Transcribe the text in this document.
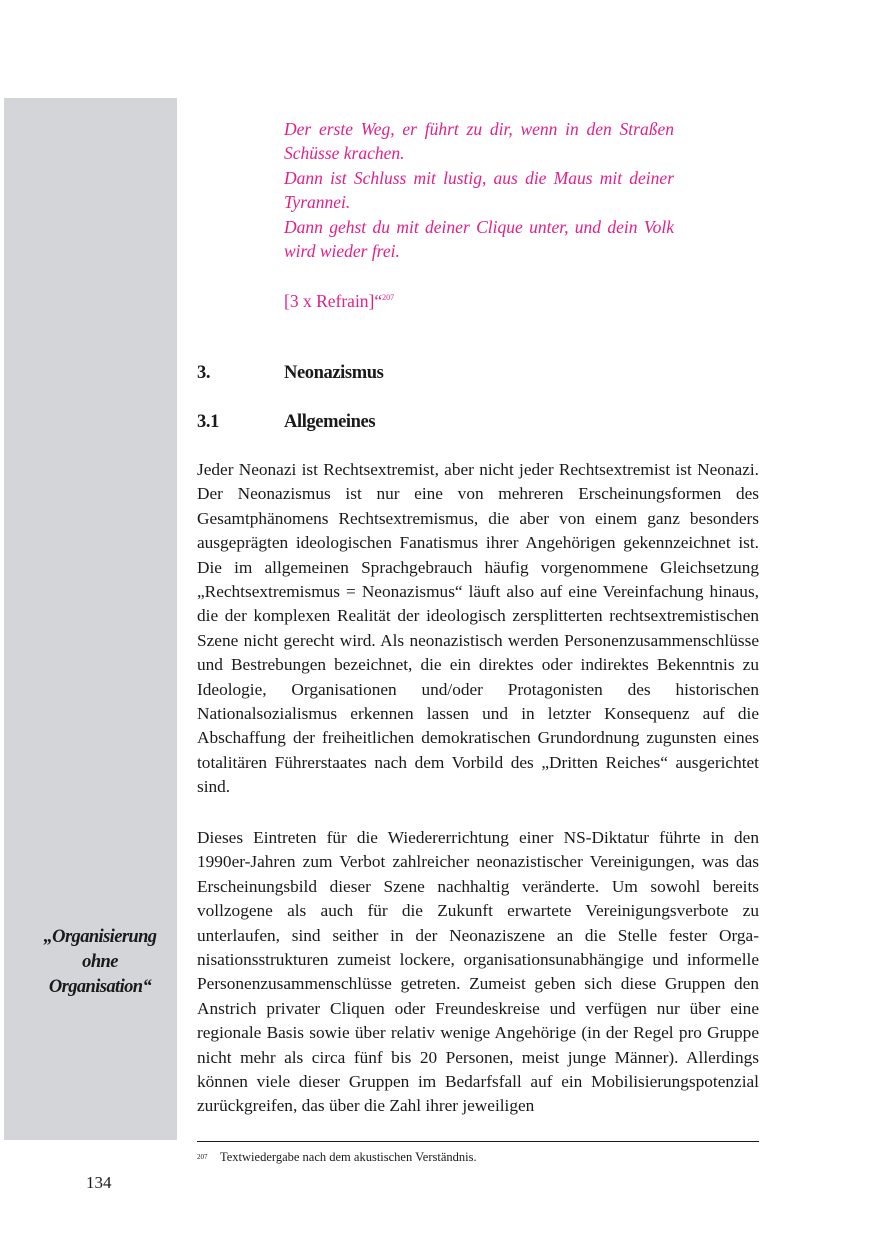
„Organisierung
ohne
Organisation“
Der erste Weg, er führt zu dir, wenn in den Straßen Schüsse krachen.
Dann ist Schluss mit lustig, aus die Maus mit deiner Tyrannei.
Dann gehst du mit deiner Clique unter, und dein Volk wird wieder frei.
[3 x Refrain]“$^{207}$
3.	Neonazismus
3.1	Allgemeines
Jeder Neonazi ist Rechtsextremist, aber nicht jeder Rechtsextremist ist Neonazi. Der Neonazismus ist nur eine von mehreren Erscheinungsformen des Gesamtphänomens Rechtsextremismus, die aber von einem ganz besonders ausgeprägten ideologischen Fanatismus ihrer Angehörigen gekennzeichnet ist. Die im allgemeinen Sprachgebrauch häufig vorgenommene Gleichsetzung „Rechtsextremismus = Neonazismus“ läuft also auf eine Vereinfachung hinaus, die der komplexen Realität der ideologisch zersplitterten rechtsextremistischen Szene nicht gerecht wird. Als neonazistisch werden Personenzusammenschlüsse und Bestrebungen bezeichnet, die ein direktes oder indirektes Bekenntnis zu Ideologie, Organisationen und/oder Protagonisten des historischen Nationalsozialismus erkennen lassen und in letzter Konsequenz auf die Abschaffung der freiheitlichen demokratischen Grundordnung zugunsten eines totalitären Führerstaates nach dem Vorbild des „Dritten Reiches“ ausgerichtet sind.
Dieses Eintreten für die Wiedererrichtung einer NS-Diktatur führte in den 1990er-Jahren zum Verbot zahlreicher neonazistischer Vereinigungen, was das Erscheinungsbild dieser Szene nachhaltig veränderte. Um sowohl bereits vollzogene als auch für die Zukunft erwartete Vereinigungsverbote zu unterlaufen, sind seither in der Neonaziszene an die Stelle fester Organisationsstrukturen zumeist lockere, organisationsunabhängige und informelle Personenzusammenschlüsse getreten. Zumeist geben sich diese Gruppen den Anstrich privater Cliquen oder Freundeskreise und verfügen nur über eine regionale Basis sowie über relativ wenige Angehörige (in der Regel pro Gruppe nicht mehr als circa fünf bis 20 Personen, meist junge Männer). Allerdings können viele dieser Gruppen im Bedarfsfall auf ein Mobilisierungspotenzial zurückgreifen, das über die Zahl ihrer jeweiligen
207 Textwiedergabe nach dem akustischen Verständnis.
134
